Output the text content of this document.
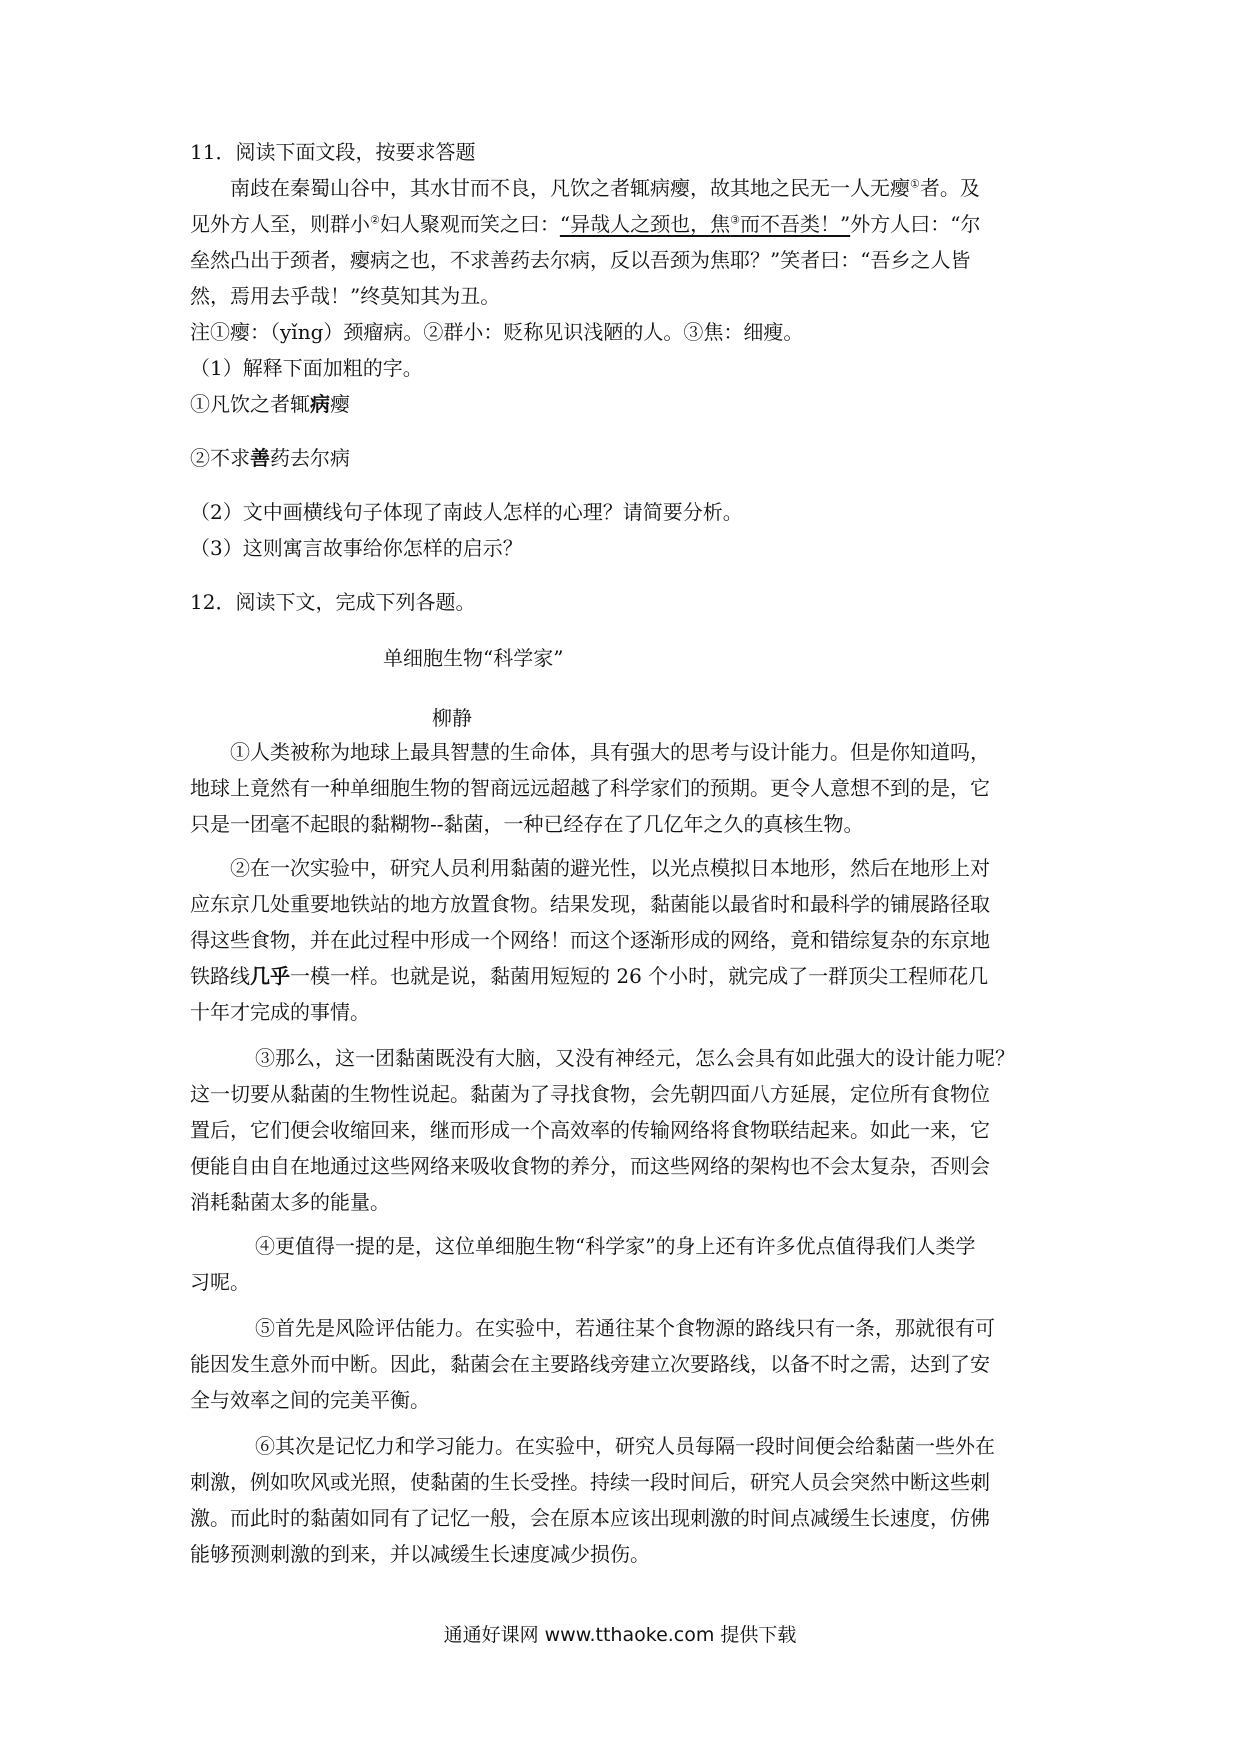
11．阅读下面文段，按要求答题
南歧在秦蜀山谷中，其水甘而不良，凡饮之者辄病瘿，故其地之民无一人无瘿①者。及
见外方人至，则群小②妇人聚观而笑之曰：“异哉人之颈也，焦③而不吾类！”外方人曰：“尔
垒然凸出于颈者，瘿病之也，不求善药去尔病，反以吾颈为焦耶？”笑者曰：“吾乡之人皆
然，焉用去乎哉！”终莫知其为丑。
注①瘿：（yǐng）颈瘤病。②群小：贬称见识浅陋的人。③焦：细瘦。
（1）解释下面加粗的字。
①凡饮之者辄病瘿
②不求善药去尔病
（2）文中画横线句子体现了南歧人怎样的心理？请简要分析。
（3）这则寓言故事给你怎样的启示？
12．阅读下文，完成下列各题。
单细胞生物“科学家”
柳静
①人类被称为地球上最具智慧的生命体，具有强大的思考与设计能力。但是你知道吗，
地球上竟然有一种单细胞生物的智商远远超越了科学家们的预期。更令人意想不到的是，它
只是一团毫不起眼的黏糊物--黏菌，一种已经存在了几亿年之久的真核生物。
②在一次实验中，研究人员利用黏菌的避光性，以光点模拟日本地形，然后在地形上对
应东京几处重要地铁站的地方放置食物。结果发现，黏菌能以最省时和最科学的铺展路径取
得这些食物，并在此过程中形成一个网络！而这个逐渐形成的网络，竟和错综复杂的东京地
铁路线几乎一模一样。也就是说，黏菌用短短的 26 个小时，就完成了一群顶尖工程师花几
十年才完成的事情。
③那么，这一团黏菌既没有大脑，又没有神经元，怎么会具有如此强大的设计能力呢？
这一切要从黏菌的生物性说起。黏菌为了寻找食物，会先朝四面八方延展，定位所有食物位
置后，它们便会收缩回来，继而形成一个高效率的传输网络将食物联结起来。如此一来，它
便能自由自在地通过这些网络来吸收食物的养分，而这些网络的架构也不会太复杂，否则会
消耗黏菌太多的能量。
④更值得一提的是，这位单细胞生物“科学家”的身上还有许多优点值得我们人类学
习呢。
⑤首先是风险评估能力。在实验中，若通往某个食物源的路线只有一条，那就很有可
能因发生意外而中断。因此，黏菌会在主要路线旁建立次要路线，以备不时之需，达到了安
全与效率之间的完美平衡。
⑥其次是记忆力和学习能力。在实验中，研究人员每隔一段时间便会给黏菌一些外在
刺激，例如吹风或光照，使黏菌的生长受挫。持续一段时间后，研究人员会突然中断这些刺
激。而此时的黏菌如同有了记忆一般，会在原本应该出现刺激的时间点减缓生长速度，仿佛
能够预测刺激的到来，并以减缓生长速度减少损伤。
通通好课网 www.tthaoke.com 提供下载
